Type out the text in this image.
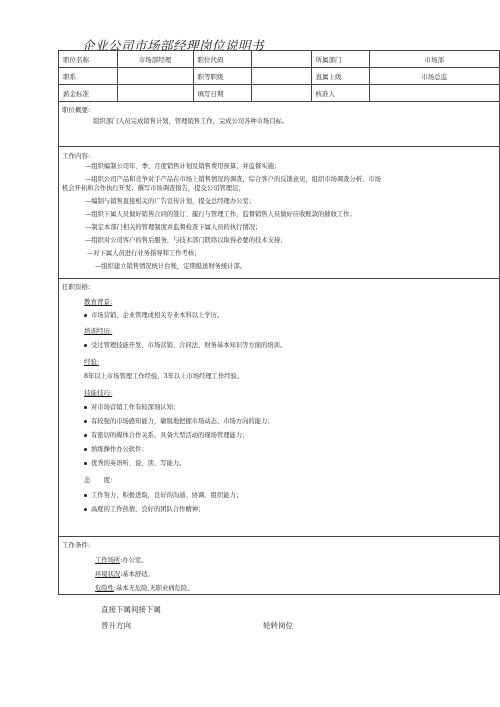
企业公司市场部经理岗位说明书
职位名称	市场部经理	职位代码		所属部门	市场部
职系		职等职级		直属上级	市场总监
薪金标准		填写日期		核准人	
职位概要:

组织部门人员完成销售计划，管理销售工作，完成公司各种市场目标。

工作内容:

—组织编制公司年、季、月度销售计划及销售费用预算，并监督实施；

—组织公司产品和竞争对手产品在市场上销售情况的调查，综合客户的反馈意见，组织市场调查分析，市场

机会开拓和合作执行开发；撰写市场调查报告，提交公司管理层；

—编制与销售直接相关的广告宣传计划，提交总经理办公室；

—组织下属人员做好销售合同的签订、履行与管理工作，监督销售人员做好应收账款的催收工作；

—制定本部门相关的管理制度并监督检查下属人员的执行情况；

—组织对公司客户的售后服务，与技术部门联络以取得必要的技术支持；

—对下属人员进行业务指导和工作考核；

—组织建立销售情况统计台账，定期报送财务统计部。

任职资格:
教育背景:
市场营销、企业管理或相关专业本科以上学历。
培训经历:
受过管理技能开发、市场营销、合同法、财务基本知识等方面的培训。
经验:
8年以上市场管理工作经验，3年以上市场经理工作经验。
技能技巧:
对市场营销工作有较深刻认知；
有较强的市场感知能力，敏锐地把握市场动态、市场方向的能力；
有密切的媒体合作关系，具备大型活动的现场管理能力；
熟练操作办公软件；
优秀的英语听、说、读、写能力。
态　　度:
工作努力，积极进取，良好的沟通、协调、组织能力；
高度的工作热情，良好的团队合作精神；
工作条件:
工作场所:办公室。
环境状况:基本舒适。
危险性:基本无危险,无职业病危险。
直接下属间接下属
晋升方向	轮转岗位
